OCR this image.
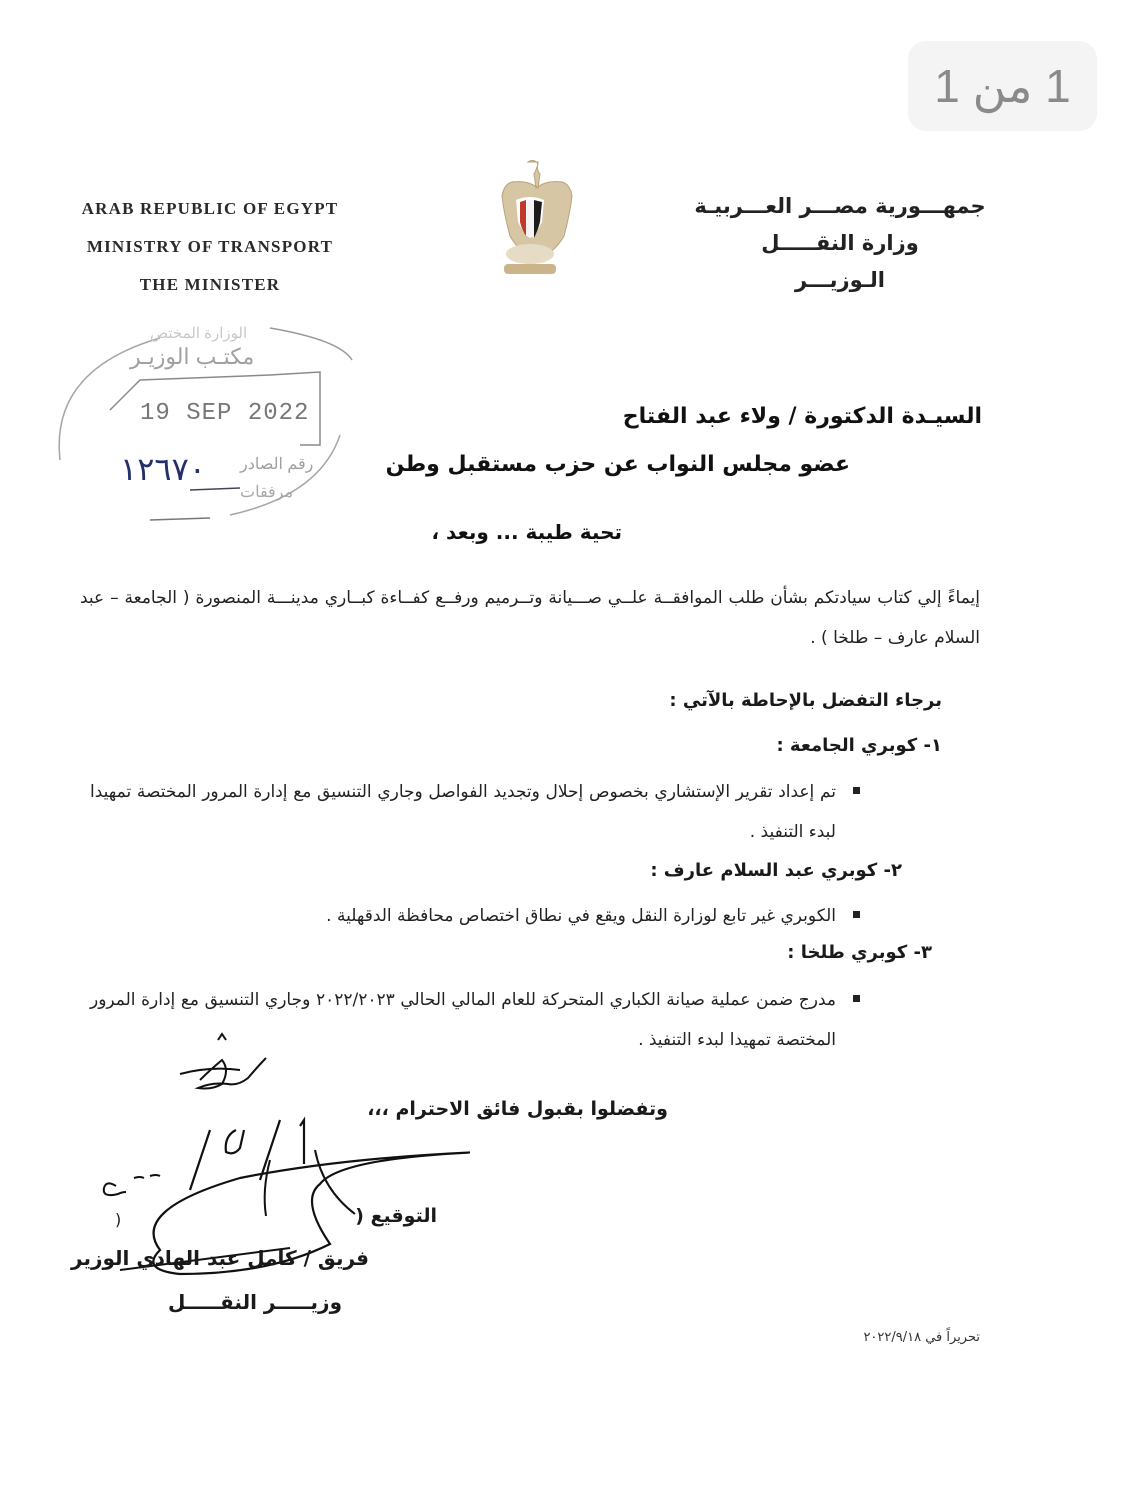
1 من 1
ARAB REPUBLIC OF EGYPT
MINISTRY OF TRANSPORT
THE MINISTER
جمهـــورية مصـــر العـــربيـة
وزارة النقـــــل
الـوزيـــر
الوزارة المختص
مكتـب الوزيـر
19 SEP 2022
١٢٦٧٠ رقم الصادر
مرفقات
السيـدة الدكتورة / ولاء عبد الفتاح
عضو مجلس النواب عن حزب مستقبل وطن
تحية طيبة ... وبعد ،
إيماءً إلي كتاب سيادتكم بشأن طلب الموافقــة علــي صـــيانة وتــرميم ورفــع كفــاءة كبــاري مدينـــة المنصورة ( الجامعة – عبد السلام عارف – طلخا ) .
برجاء التفضل بالإحاطة بالآتي :
١- كوبري الجامعة :
تم إعداد تقرير الإستشاري بخصوص إحلال وتجديد الفواصل وجاري التنسيق مع إدارة المرور المختصة تمهيدا لبدء التنفيذ .
٢- كوبري عبد السلام عارف :
الكوبري غير تابع لوزارة النقل ويقع في نطاق اختصاص محافظة الدقهلية .
٣- كوبري طلخا :
مدرج ضمن عملية صيانة الكباري المتحركة للعام المالي الحالي ٢٠٢٢/٢٠٢٣ وجاري التنسيق مع إدارة المرور المختصة تمهيدا لبدء التنفيذ .
وتفضلوا بقبول فائق الاحترام ،،،
)	التوقيع (
فريق / كامل عبد الهادي الوزير
وزيـــــر النقـــــل
تحريراً في ٢٠٢٢/٩/١٨
